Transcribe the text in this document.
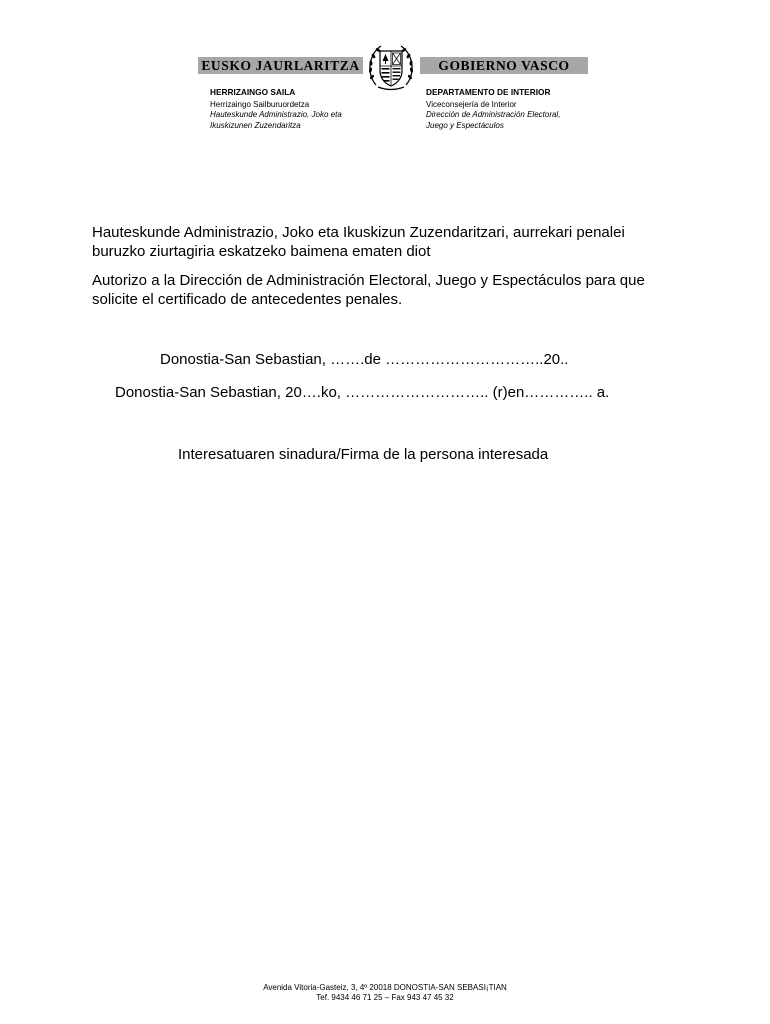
EUSKO JAURLARITZA	GOBIERNO VASCO
HERRIZAINGO SAILA
Herrizaingo Sailburuordetza
Hauteskunde Administrazio, Joko eta
Ikuskizunen Zuzendaritza
DEPARTAMENTO DE INTERIOR
Viceconsejería de Interior
Dirección de Administración Electoral,
Juego y Espectáculos
Hauteskunde Administrazio, Joko eta Ikuskizun Zuzendaritzari, aurrekari penalei buruzko ziurtagiria eskatzeko baimena ematen diot
Autorizo a la Dirección de Administración Electoral, Juego y Espectáculos para que solicite el certificado de antecedentes penales.
Donostia-San Sebastian, …….de …………………………..20..
Donostia-San Sebastian, 20….ko, ……………………….. (r)en………….. a.
Interesatuaren sinadura/Firma de la persona interesada
Avenida Vitoria-Gasteiz, 3, 4º 20018 DONOSTIA-SAN SEBASI¡TIAN
Tef. 9434 46 71 25 – Fax 943 47 45 32
